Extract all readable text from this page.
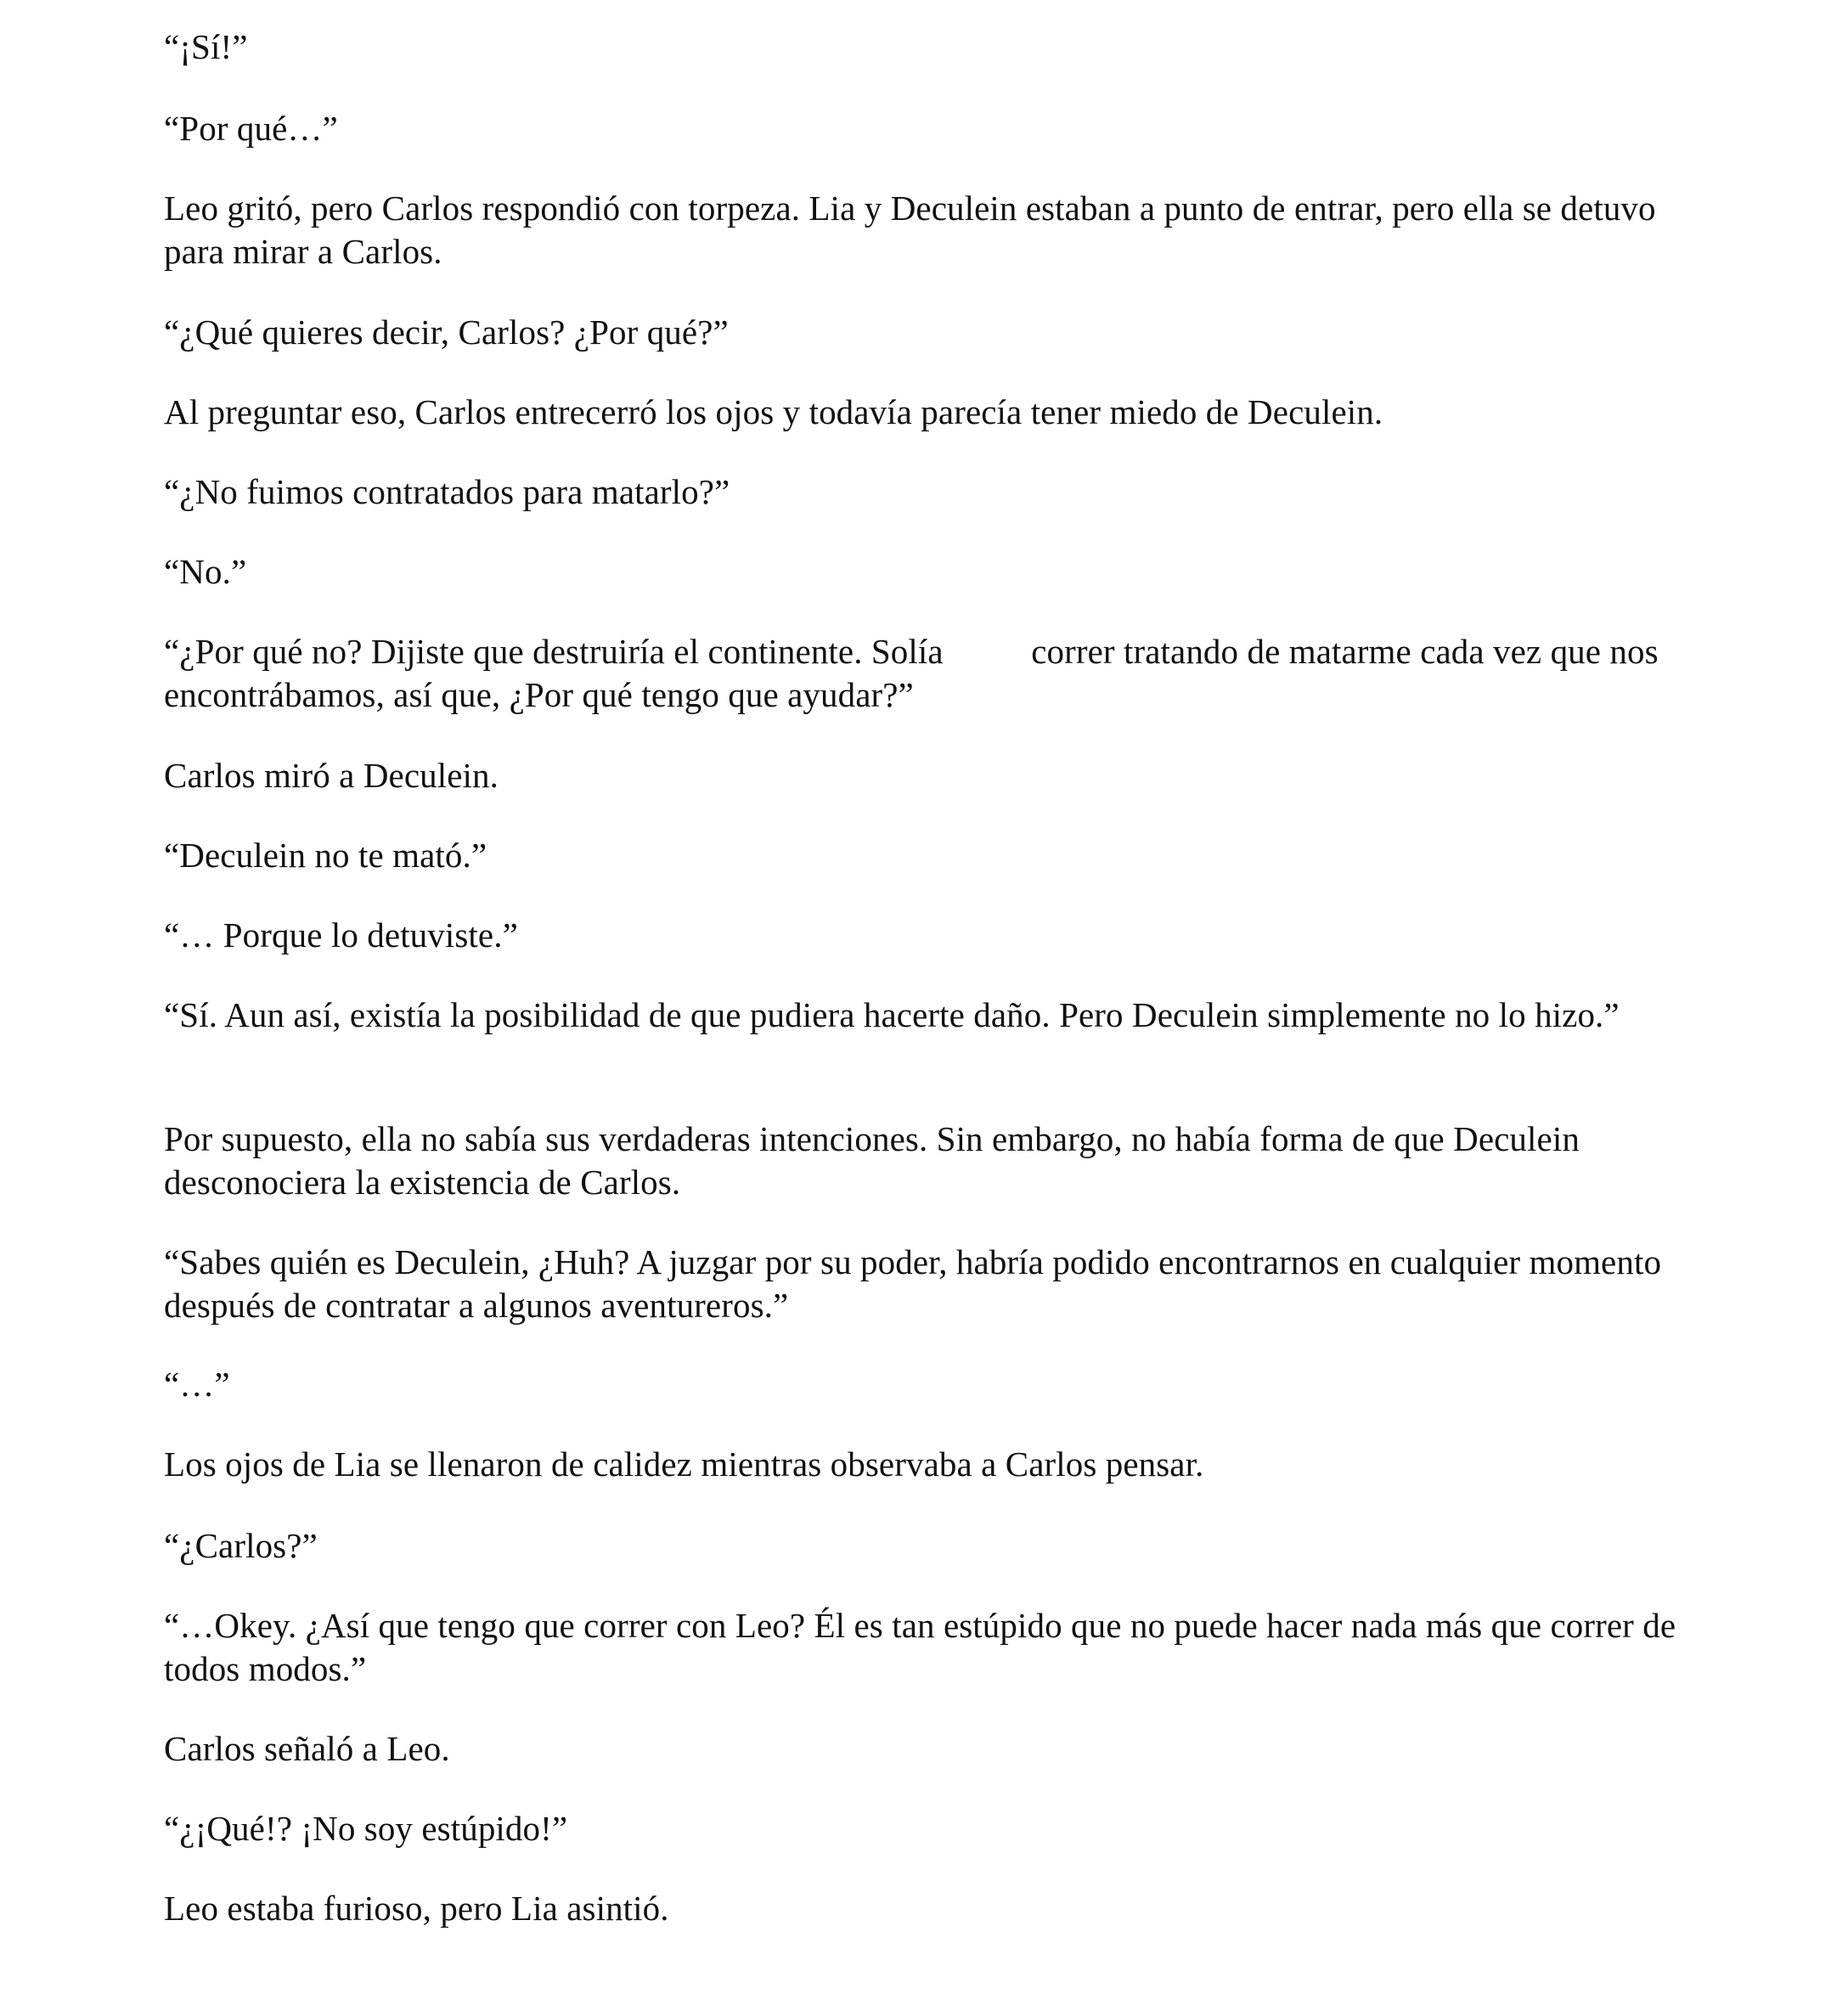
“¡Sí!”

“Por qué…”

Leo gritó, pero Carlos respondió con torpeza. Lia y Deculein estaban a punto de entrar, pero ella se detuvo para mirar a Carlos.

“¿Qué quieres decir, Carlos? ¿Por qué?”

Al preguntar eso, Carlos entrecerró los ojos y todavía parecía tener miedo de Deculein.

“¿No fuimos contratados para matarlo?”

“No.”

“¿Por qué no? Dijiste que destruiría el continente. Solía          correr tratando de matarme cada vez que nos encontrábamos, así que, ¿Por qué tengo que ayudar?”

Carlos miró a Deculein.

“Deculein no te mató.”

“… Porque lo detuviste.”

“Sí. Aun así, existía la posibilidad de que pudiera hacerte daño. Pero Deculein simplemente no lo hizo.”

Por supuesto, ella no sabía sus verdaderas intenciones. Sin embargo, no había forma de que Deculein desconociera la existencia de Carlos.

“Sabes quién es Deculein, ¿Huh? A juzgar por su poder, habría podido encontrarnos en cualquier momento después de contratar a algunos aventureros.”

“…”

Los ojos de Lia se llenaron de calidez mientras observaba a Carlos pensar.

“¿Carlos?”

“…Okey. ¿Así que tengo que correr con Leo? Él es tan estúpido que no puede hacer nada más que correr de todos modos.”

Carlos señaló a Leo.

“¿¡Qué!? ¡No soy estúpido!”

Leo estaba furioso, pero Lia asintió.
